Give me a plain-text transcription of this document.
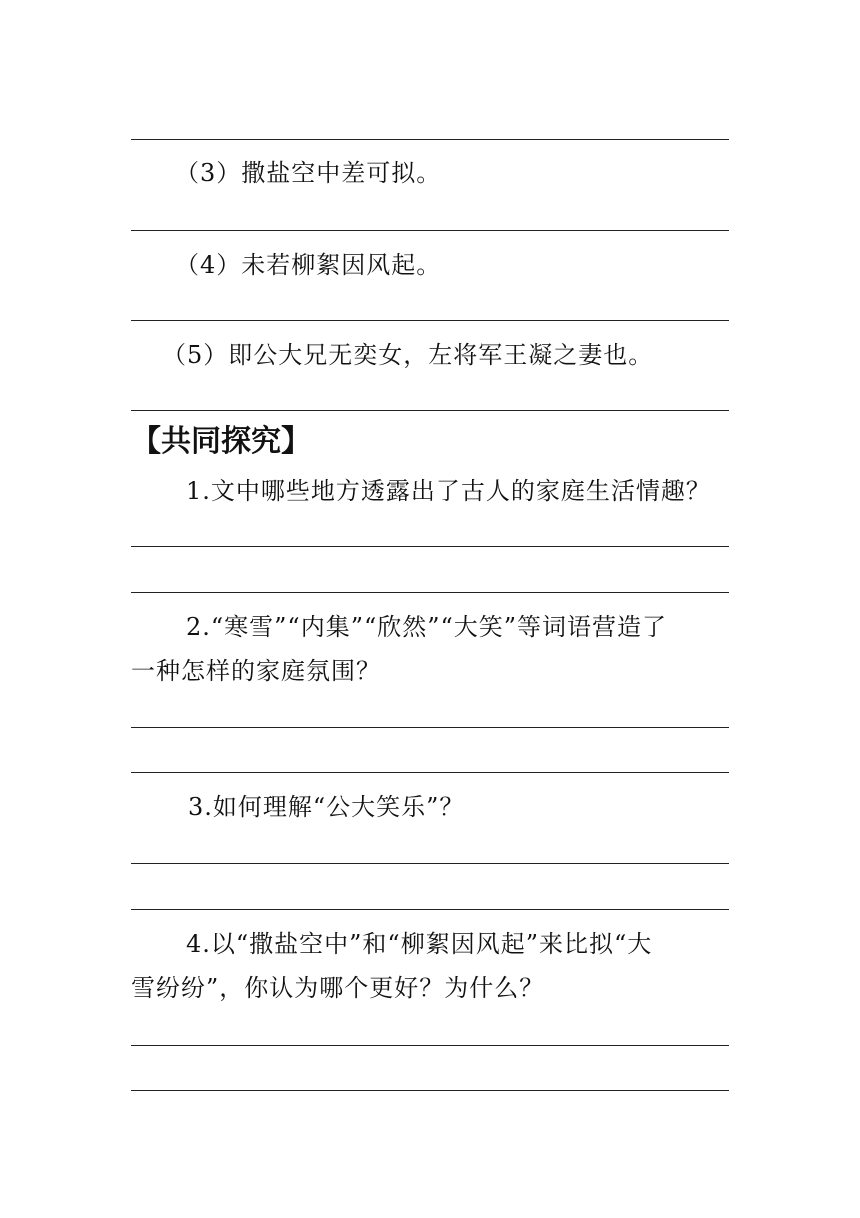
（3）撒盐空中差可拟。
（4）未若柳絮因风起。
（5）即公大兄无奕女，左将军王凝之妻也。
【共同探究】
1.文中哪些地方透露出了古人的家庭生活情趣？
2.“寒雪”“内集”“欣然”“大笑”等词语营造了
一种怎样的家庭氛围？
3.如何理解“公大笑乐”？
4.以“撒盐空中”和“柳絮因风起”来比拟“大
雪纷纷”，你认为哪个更好？为什么？
